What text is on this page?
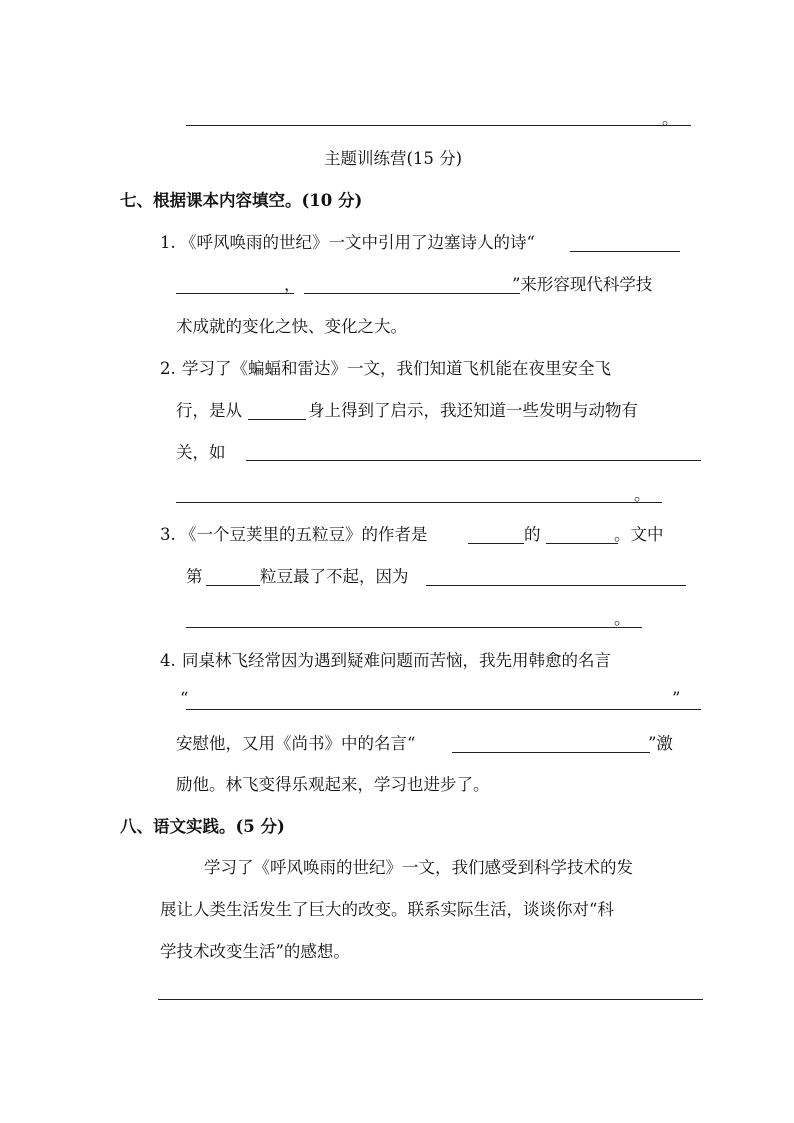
。
主题训练营(15 分)
七、根据课本内容填空。(10 分)
1. 《呼风唤雨的世纪》一文中引用了边塞诗人的诗“
，	”来形容现代科学技
术成就的变化之快、变化之大。
2. 学习了《蝙蝠和雷达》一文，我们知道飞机能在夜里安全飞
行，是从	身上得到了启示，我还知道一些发明与动物有
关，如
。
3. 《一个豆荚里的五粒豆》的作者是	的	。文中
第	粒豆最了不起，因为
。
4. 同桌林飞经常因为遇到疑难问题而苦恼，我先用韩愈的名言
“	”
安慰他，又用《尚书》中的名言“	”激
励他。林飞变得乐观起来，学习也进步了。
八、语文实践。(5 分)
学习了《呼风唤雨的世纪》一文，我们感受到科学技术的发
展让人类生活发生了巨大的改变。联系实际生活，谈谈你对“科
学技术改变生活”的感想。
